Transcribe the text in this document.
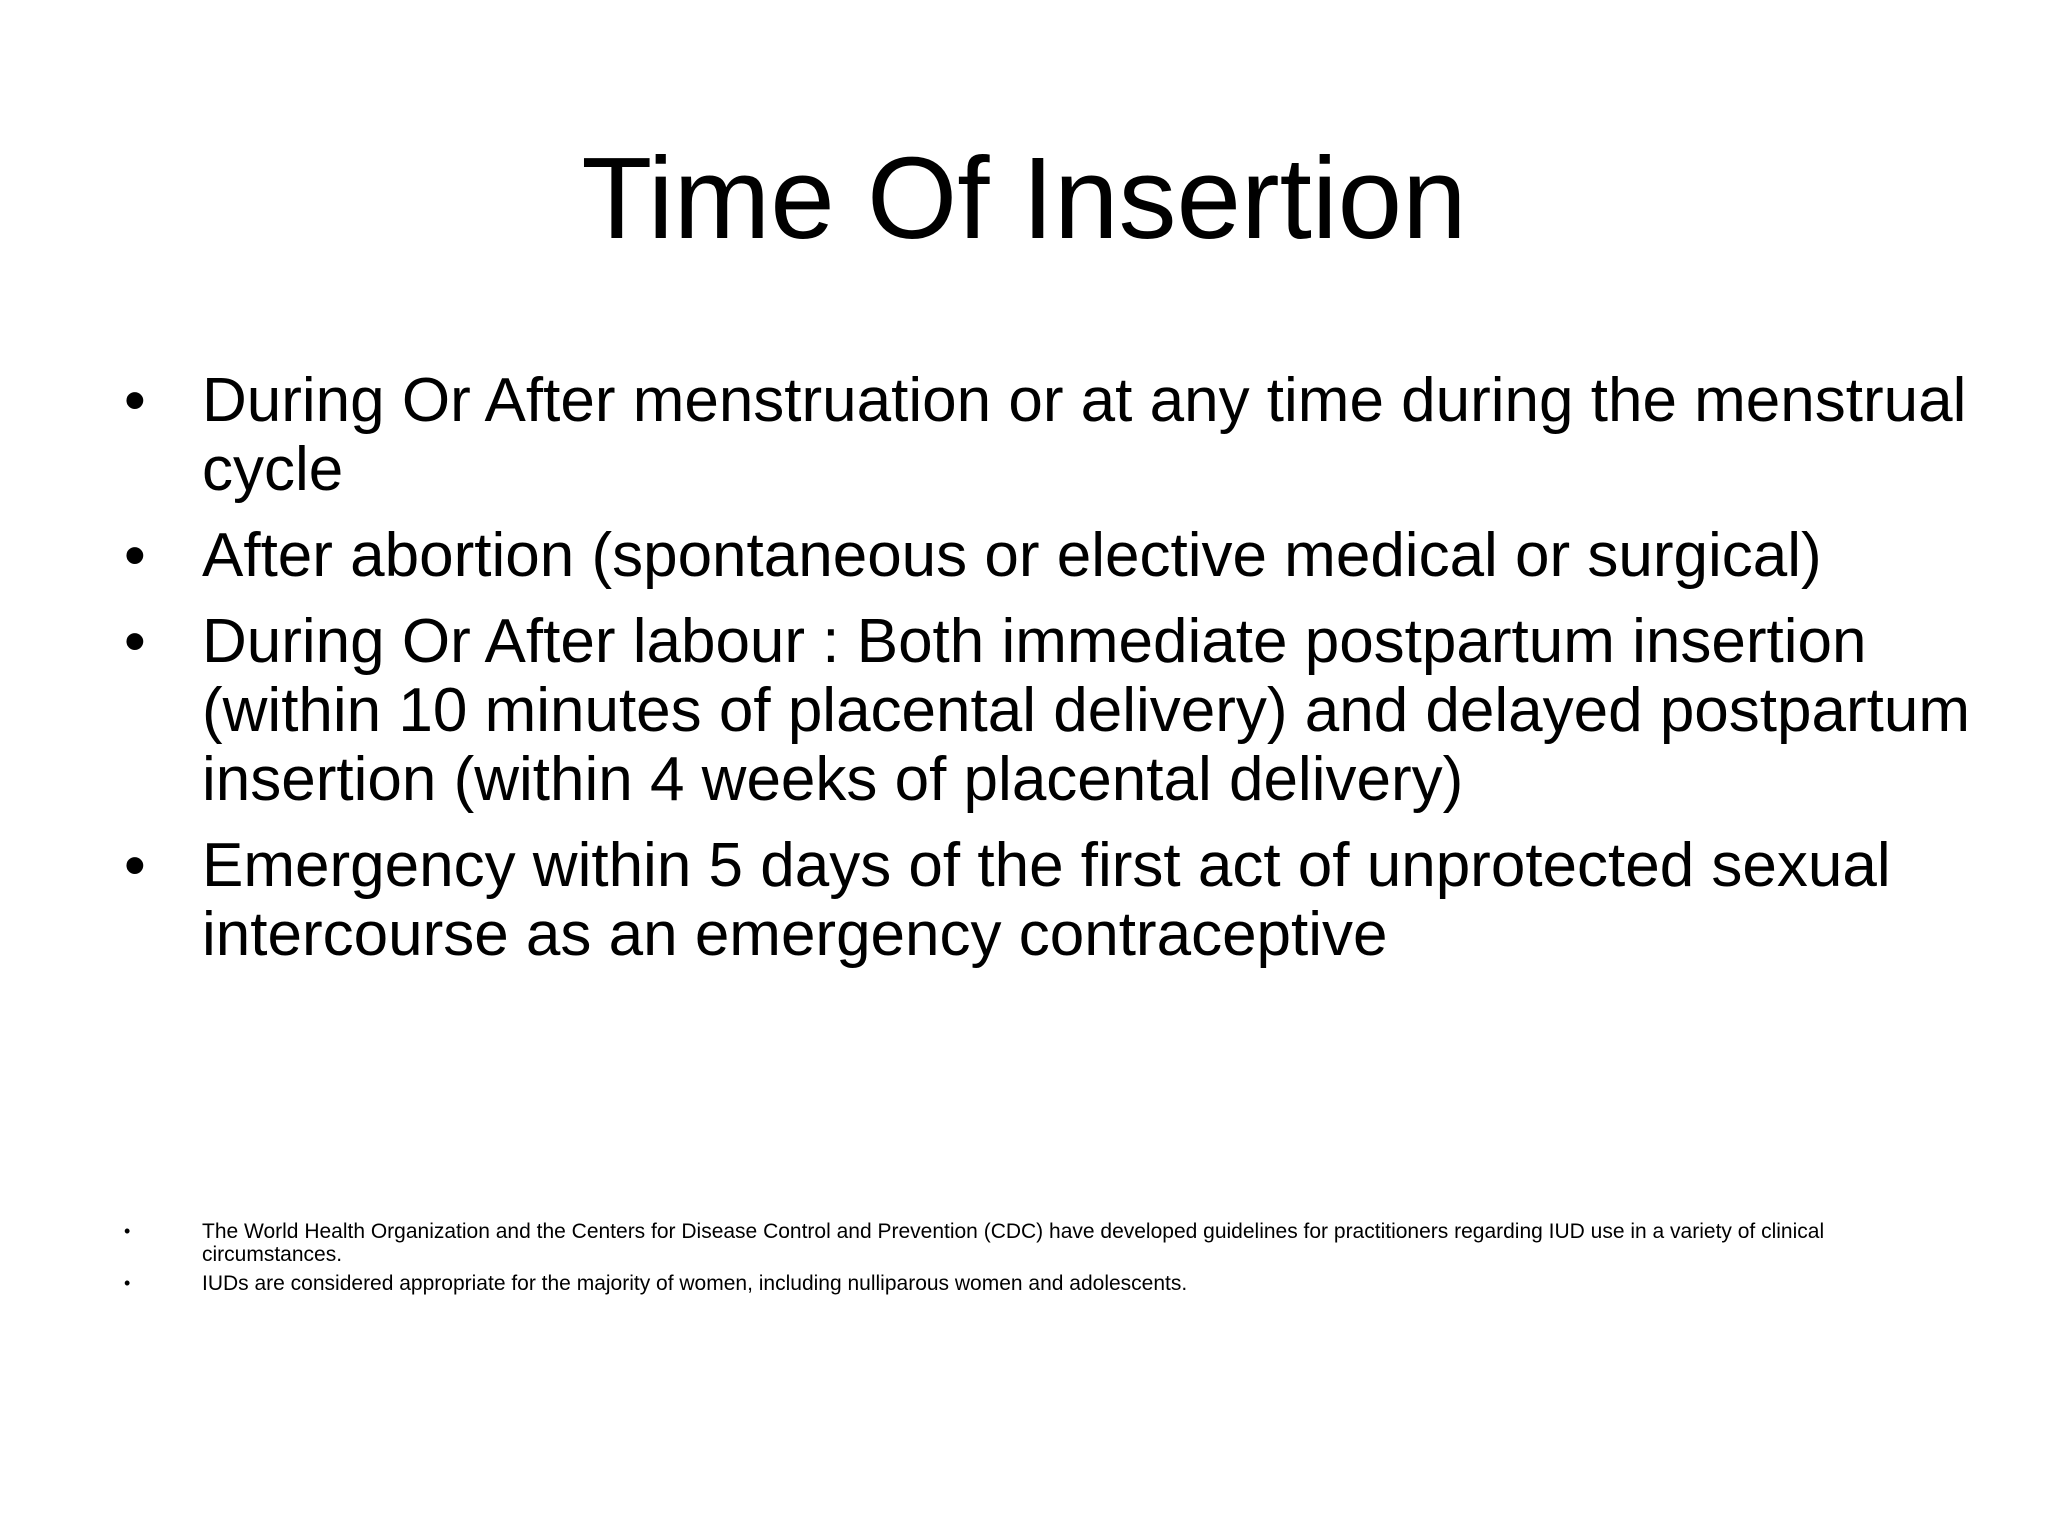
Time Of Insertion
• During Or After menstruation or at any time during the menstrual cycle
• After abortion (spontaneous or elective medical or surgical)
• During Or After labour : Both immediate postpartum insertion (within 10 minutes of placental delivery) and delayed postpartum insertion (within 4 weeks of placental delivery)
• Emergency within 5 days of the first act of unprotected sexual intercourse as an emergency contraceptive
•	The World Health Organization and the Centers for Disease Control and Prevention (CDC) have developed guidelines for practitioners regarding IUD use in a variety of clinical circumstances.
•	IUDs are considered appropriate for the majority of women, including nulliparous women and adolescents.
